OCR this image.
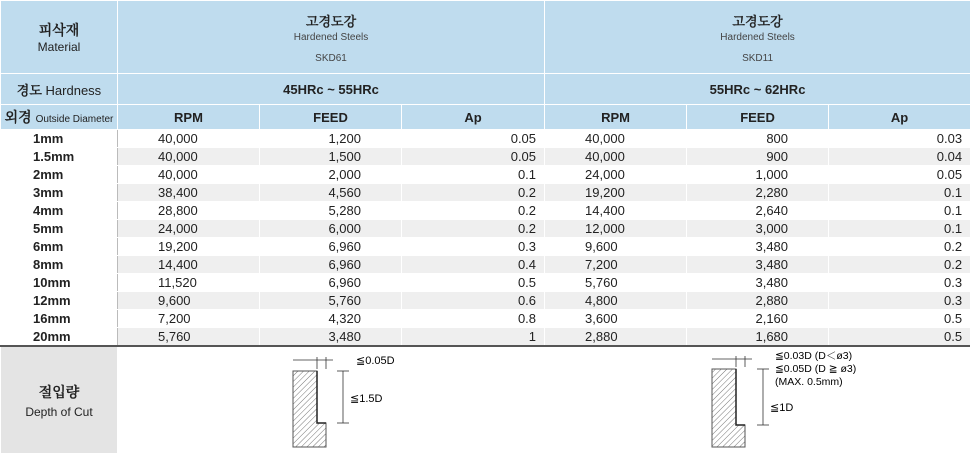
피삭재
Material	고경도강
Hardened Steels
SKD61			고경도강
Hardened Steels
SKD11		

경도 Hardness	45HRc ~ 55HRc			55HRc ~ 62HRc		
외경 Outside Diameter	RPM	FEED	Ap	RPM	FEED	Ap
1mm	40,000	1,200	0.05	40,000	800	0.03
1.5mm	40,000	1,500	0.05	40,000	900	0.04
2mm	40,000	2,000	0.1	24,000	1,000	0.05
3mm	38,400	4,560	0.2	19,200	2,280	0.1
4mm	28,800	5,280	0.2	14,400	2,640	0.1
5mm	24,000	6,000	0.2	12,000	3,000	0.1
6mm	19,200	6,960	0.3	9,600	3,480	0.2
8mm	14,400	6,960	0.4	7,200	3,480	0.2
10mm	11,520	6,960	0.5	5,760	3,480	0.3
12mm	9,600	5,760	0.6	4,800	2,880	0.3
16mm	7,200	4,320	0.8	3,600	2,160	0.5
20mm	5,760	3,480	1	2,880	1,680	0.5

절입량
Depth of Cut	≦0.05D
≦1.5D			≦0.03D (D＜ø3)
≦0.05D (D ≧ ø3)
(MAX. 0.5mm)
≦1D		
